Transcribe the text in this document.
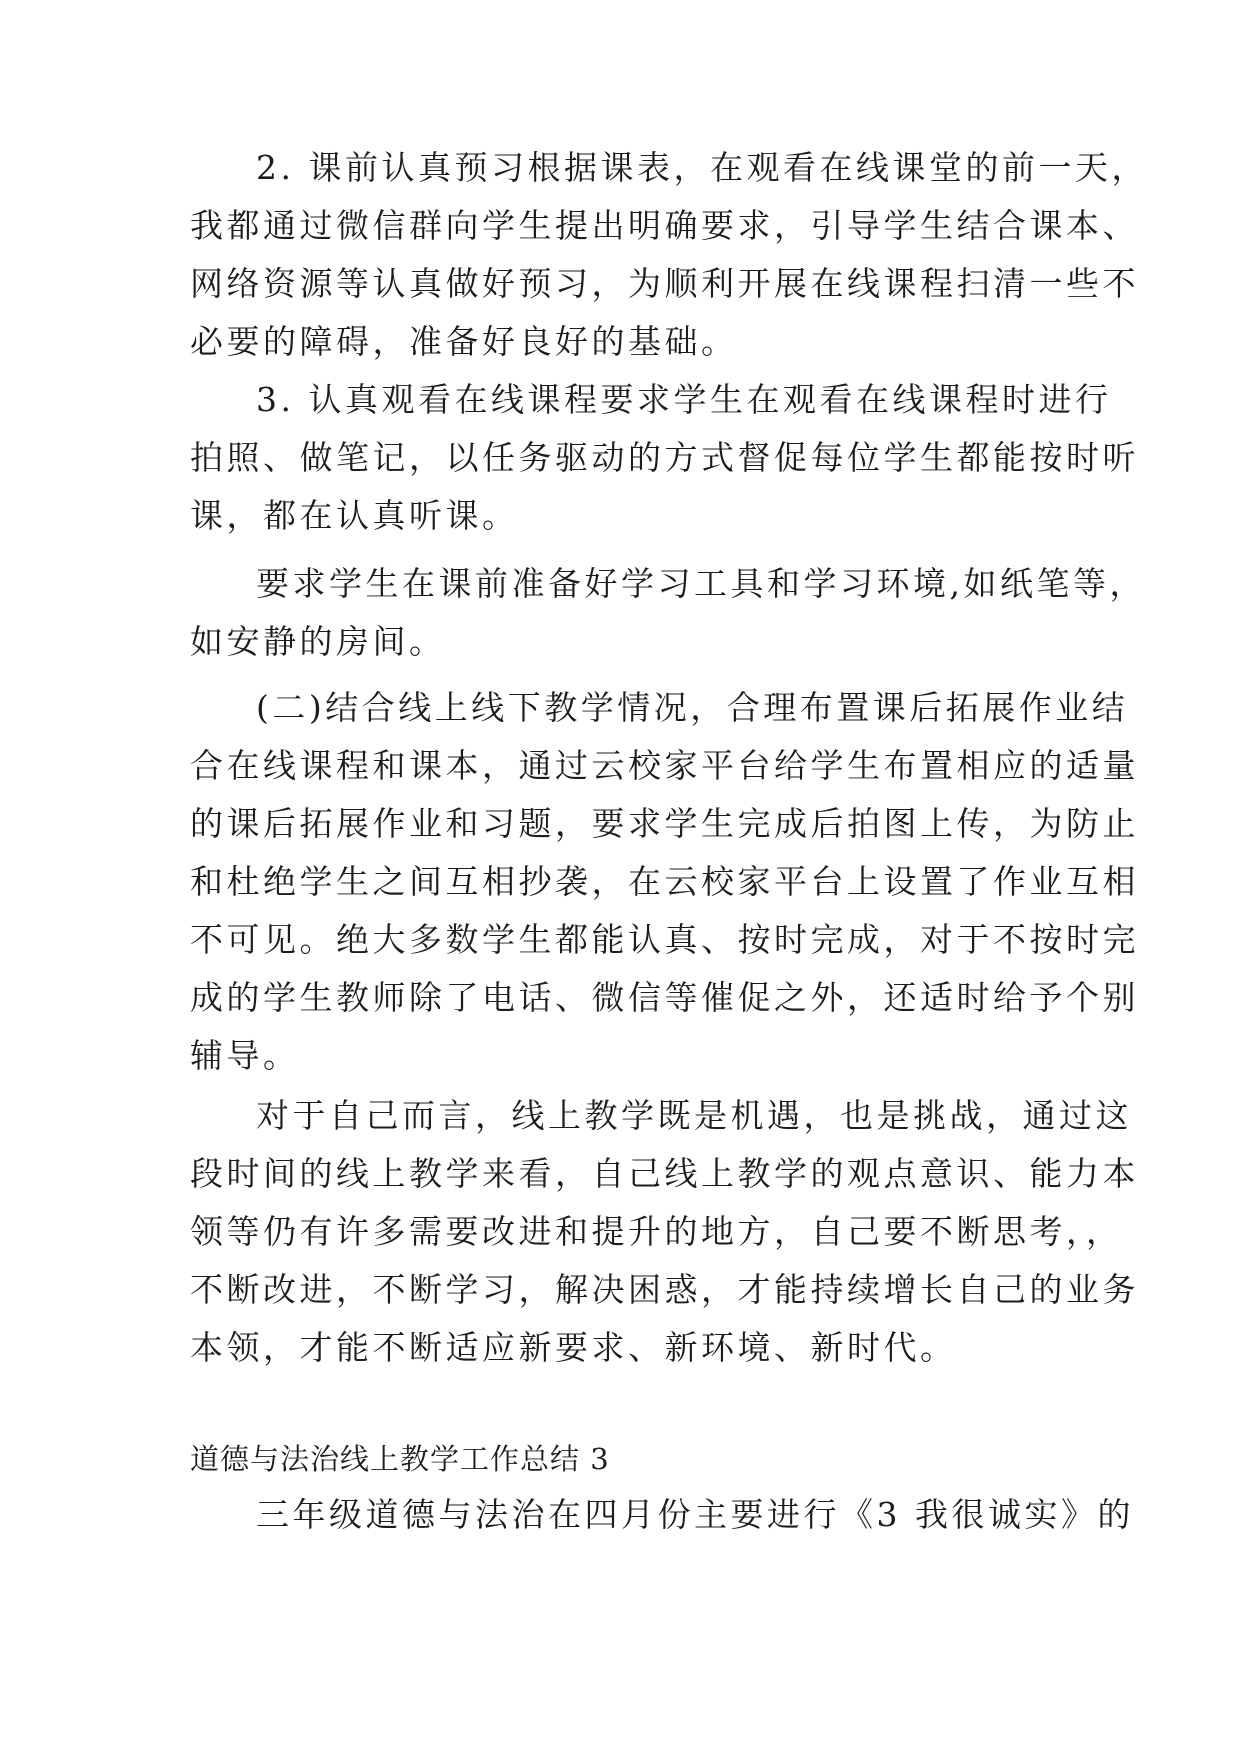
2. 课前认真预习根据课表，在观看在线课堂的前一天，
我都通过微信群向学生提出明确要求，引导学生结合课本、
网络资源等认真做好预习，为顺利开展在线课程扫清一些不
必要的障碍，准备好良好的基础。
3. 认真观看在线课程要求学生在观看在线课程时进行
拍照、做笔记，以任务驱动的方式督促每位学生都能按时听
课，都在认真听课。
要求学生在课前准备好学习工具和学习环境,如纸笔等，
如安静的房间。
(二)结合线上线下教学情况，合理布置课后拓展作业结
合在线课程和课本，通过云校家平台给学生布置相应的适量
的课后拓展作业和习题，要求学生完成后拍图上传，为防止
和杜绝学生之间互相抄袭，在云校家平台上设置了作业互相
不可见。绝大多数学生都能认真、按时完成，对于不按时完
成的学生教师除了电话、微信等催促之外，还适时给予个别
辅导。
对于自己而言，线上教学既是机遇，也是挑战，通过这
段时间的线上教学来看，自己线上教学的观点意识、能力本
领等仍有许多需要改进和提升的地方，自己要不断思考，，
不断改进，不断学习，解决困惑，才能持续增长自己的业务
本领，才能不断适应新要求、新环境、新时代。
道德与法治线上教学工作总结 3
三年级道德与法治在四月份主要进行《3 我很诚实》的
